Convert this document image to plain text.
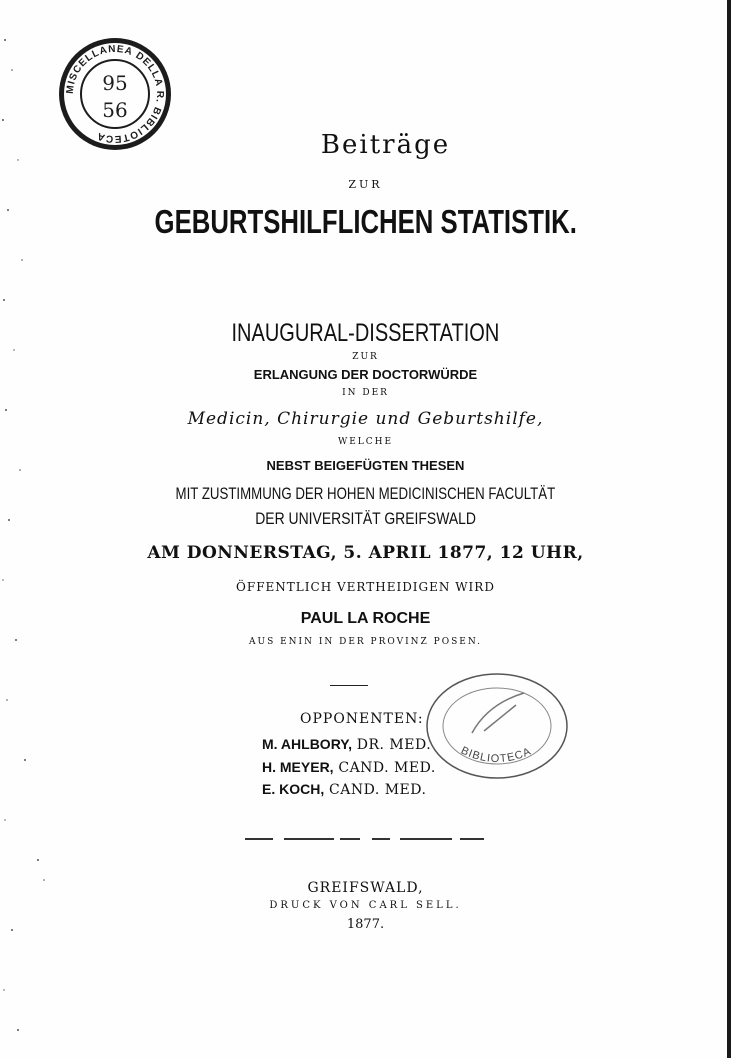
MISCELLANEA DELLA R. BIBLIOTECA
95
56
Beiträge
ZUR
GEBURTSHILFLICHEN STATISTIK.
INAUGURAL-DISSERTATION
ZUR
ERLANGUNG DER DOCTORWÜRDE
IN DER
Medicin, Chirurgie und Geburtshilfe,
WELCHE
NEBST BEIGEFÜGTEN THESEN
MIT ZUSTIMMUNG DER HOHEN MEDICINISCHEN FACULTÄT
DER UNIVERSITÄT GREIFSWALD
AM DONNERSTAG, 5. APRIL 1877, 12 UHR,
ÖFFENTLICH VERTHEIDIGEN WIRD
PAUL LA ROCHE
AUS ENIN IN DER PROVINZ POSEN.
OPPONENTEN:
M. AHLBORY, DR. MED.
H. MEYER, CAND. MED.
E. KOCH, CAND. MED.
BIBLIOTECA
GREIFSWALD,
DRUCK VON CARL SELL.
1877.
